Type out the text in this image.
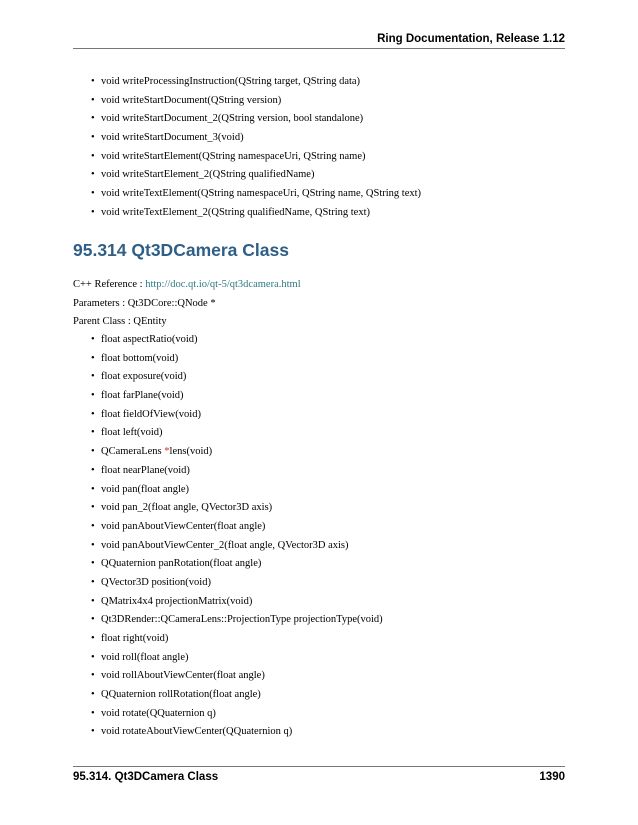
Ring Documentation, Release 1.12
• void writeProcessingInstruction(QString target, QString data)
• void writeStartDocument(QString version)
• void writeStartDocument_2(QString version, bool standalone)
• void writeStartDocument_3(void)
• void writeStartElement(QString namespaceUri, QString name)
• void writeStartElement_2(QString qualifiedName)
• void writeTextElement(QString namespaceUri, QString name, QString text)
• void writeTextElement_2(QString qualifiedName, QString text)
95.314 Qt3DCamera Class
C++ Reference : http://doc.qt.io/qt-5/qt3dcamera.html
Parameters : Qt3DCore::QNode *
Parent Class : QEntity
• float aspectRatio(void)
• float bottom(void)
• float exposure(void)
• float farPlane(void)
• float fieldOfView(void)
• float left(void)
• QCameraLens *lens(void)
• float nearPlane(void)
• void pan(float angle)
• void pan_2(float angle, QVector3D axis)
• void panAboutViewCenter(float angle)
• void panAboutViewCenter_2(float angle, QVector3D axis)
• QQuaternion panRotation(float angle)
• QVector3D position(void)
• QMatrix4x4 projectionMatrix(void)
• Qt3DRender::QCameraLens::ProjectionType projectionType(void)
• float right(void)
• void roll(float angle)
• void rollAboutViewCenter(float angle)
• QQuaternion rollRotation(float angle)
• void rotate(QQuaternion q)
• void rotateAboutViewCenter(QQuaternion q)
95.314. Qt3DCamera Class	1390
